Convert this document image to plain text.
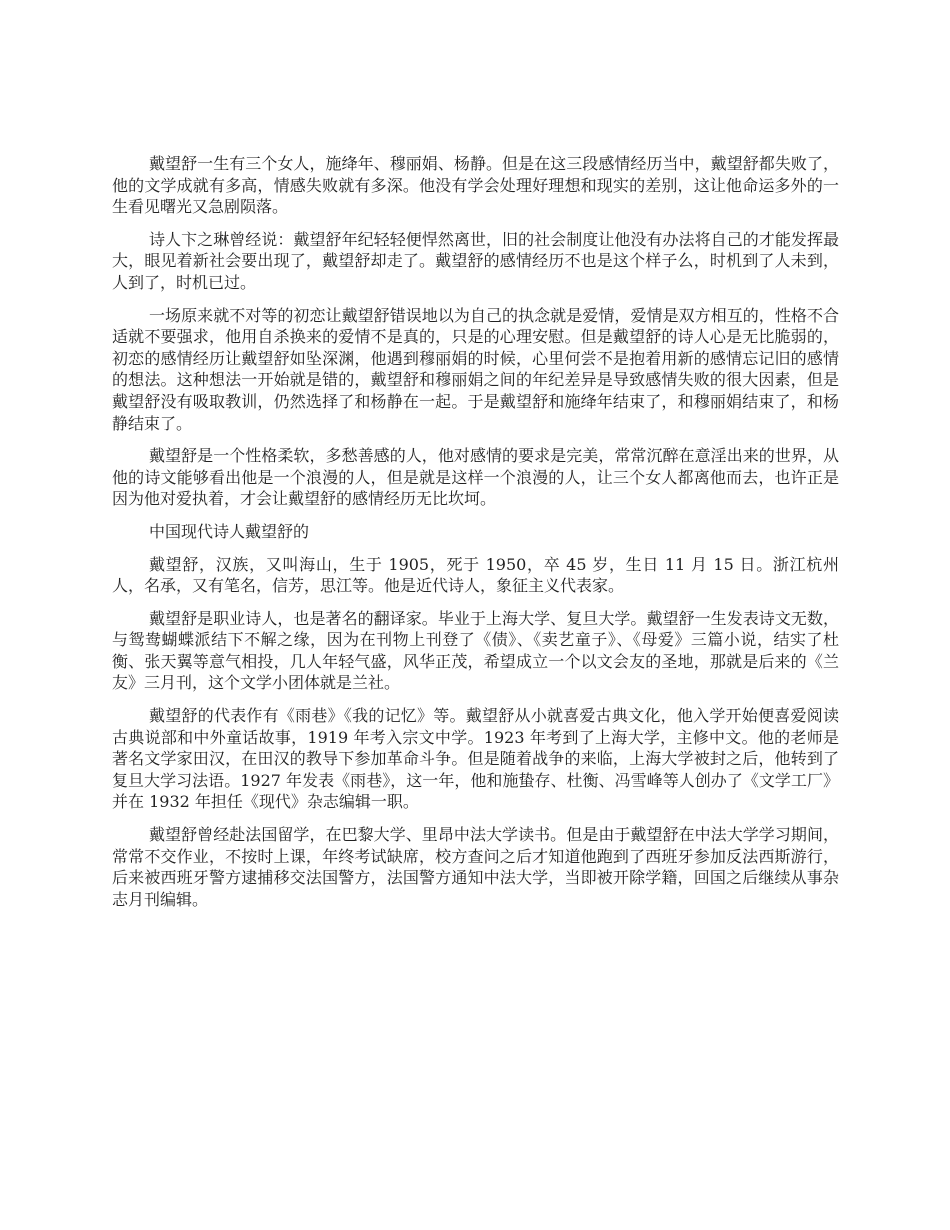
戴望舒一生有三个女人，施绛年、穆丽娟、杨静。但是在这三段感情经历当中，戴望舒都失败了，他的文学成就有多高，情感失败就有多深。他没有学会处理好理想和现实的差别，这让他命运多外的一生看见曙光又急剧陨落。

诗人卞之琳曾经说：戴望舒年纪轻轻便悍然离世，旧的社会制度让他没有办法将自己的才能发挥最大，眼见着新社会要出现了，戴望舒却走了。戴望舒的感情经历不也是这个样子么，时机到了人未到，人到了，时机已过。

一场原来就不对等的初恋让戴望舒错误地以为自己的执念就是爱情，爱情是双方相互的，性格不合适就不要强求，他用自杀换来的爱情不是真的，只是的心理安慰。但是戴望舒的诗人心是无比脆弱的，初恋的感情经历让戴望舒如坠深渊，他遇到穆丽娟的时候，心里何尝不是抱着用新的感情忘记旧的感情的想法。这种想法一开始就是错的，戴望舒和穆丽娟之间的年纪差异是导致感情失败的很大因素，但是戴望舒没有吸取教训，仍然选择了和杨静在一起。于是戴望舒和施绛年结束了，和穆丽娟结束了，和杨静结束了。

戴望舒是一个性格柔软，多愁善感的人，他对感情的要求是完美，常常沉醉在意淫出来的世界，从他的诗文能够看出他是一个浪漫的人，但是就是这样一个浪漫的人，让三个女人都离他而去，也许正是因为他对爱执着，才会让戴望舒的感情经历无比坎坷。

中国现代诗人戴望舒的

戴望舒，汉族，又叫海山，生于 1905，死于 1950，卒 45 岁，生日 11 月 15 日。浙江杭州人，名承，又有笔名，信芳，思江等。他是近代诗人，象征主义代表家。

戴望舒是职业诗人，也是著名的翻译家。毕业于上海大学、复旦大学。戴望舒一生发表诗文无数，与鸳鸯蝴蝶派结下不解之缘，因为在刊物上刊登了《债》、《卖艺童子》、《母爱》三篇小说，结实了杜衡、张天翼等意气相投，几人年轻气盛，风华正茂，希望成立一个以文会友的圣地，那就是后来的《兰友》三月刊，这个文学小团体就是兰社。

戴望舒的代表作有《雨巷》《我的记忆》等。戴望舒从小就喜爱古典文化，他入学开始便喜爱阅读古典说部和中外童话故事，1919 年考入宗文中学。1923 年考到了上海大学，主修中文。他的老师是著名文学家田汉，在田汉的教导下参加革命斗争。但是随着战争的来临，上海大学被封之后，他转到了复旦大学习法语。1927 年发表《雨巷》，这一年，他和施蛰存、杜衡、冯雪峰等人创办了《文学工厂》并在 1932 年担任《现代》杂志编辑一职。

戴望舒曾经赴法国留学，在巴黎大学、里昂中法大学读书。但是由于戴望舒在中法大学学习期间，常常不交作业，不按时上课，年终考试缺席，校方查问之后才知道他跑到了西班牙参加反法西斯游行，后来被西班牙警方逮捕移交法国警方，法国警方通知中法大学，当即被开除学籍，回国之后继续从事杂志月刊编辑。
